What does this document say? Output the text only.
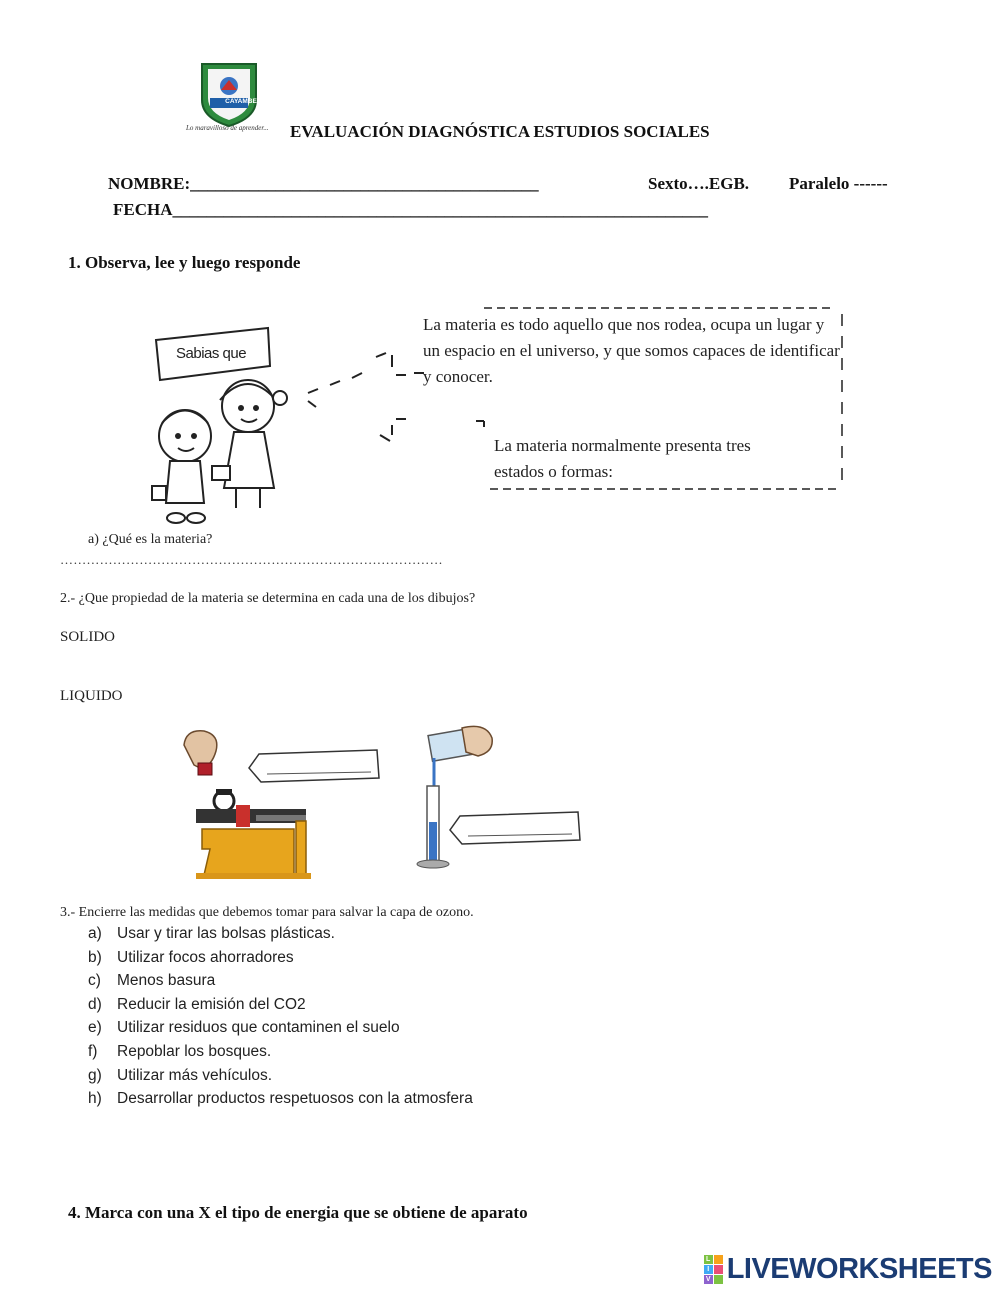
CAYAMBE
Lo maravilloso de aprender... EVALUACIÓN DIAGNÓSTICA ESTUDIOS SOCIALES
NOMBRE:_________________________________________	Sexto….EGB. Paralelo ------
FECHA_______________________________________________________________
1. Observa, lee y luego responde
Sabias que
La materia es todo aquello que nos rodea, ocupa un lugar y
un espacio en el universo, y que somos capaces de identificar
y conocer.
La materia normalmente presenta tres
estados o formas:
a) ¿Qué es la materia?
……………………………………………………………………………
2.- ¿Que propiedad de la materia se determina en cada una de los dibujos?
SOLIDO
LIQUIDO
3.- Encierre las medidas que debemos tomar para salvar la capa de ozono.
a) Usar y tirar las bolsas plásticas.
b) Utilizar focos ahorradores
c)	Menos basura
d) Reducir la emisión del CO2
e) Utilizar residuos que contaminen el suelo
f)	Repoblar los bosques.
g) Utilizar más vehículos.
h) Desarrollar productos respetuosos con la atmosfera
4. Marca con una X el tipo de energia que se obtiene de aparato
L
I
V LIVEWORKSHEETS
